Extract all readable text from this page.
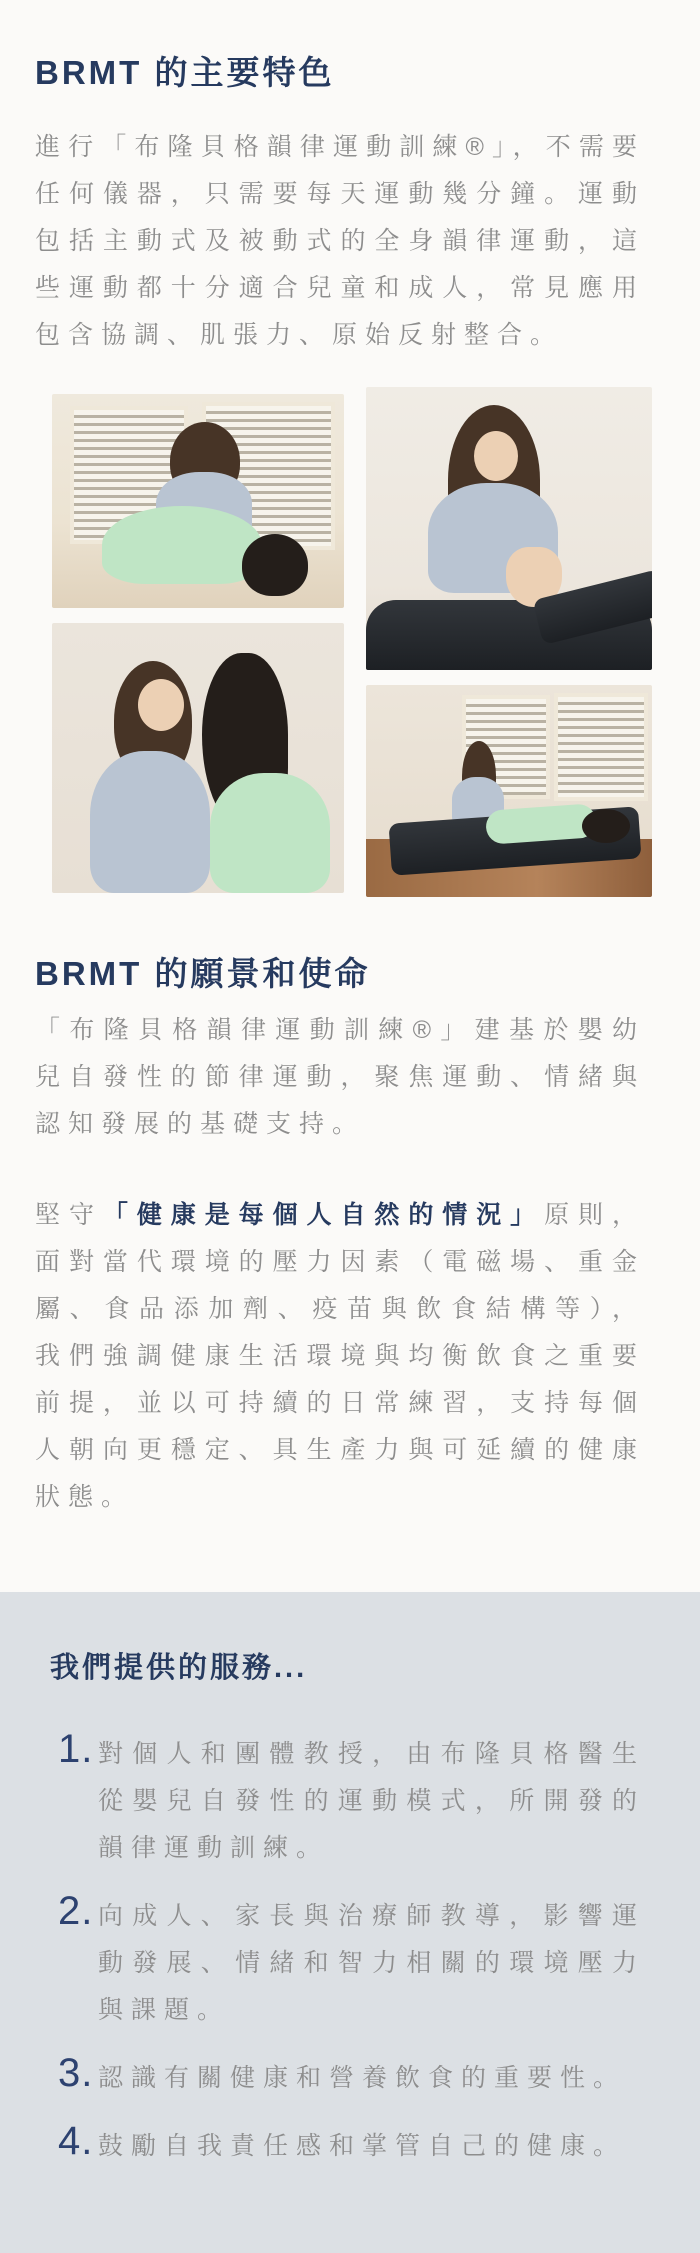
BRMT 的主要特色

進行「布隆貝格韻律運動訓練®」，不需要任何儀器，只需要每天運動幾分鐘。運動包括主動式及被動式的全身韻律運動，這些運動都十分適合兒童和成人，常見應用包含協調、肌張力、原始反射整合。

BRMT 的願景和使命

「布隆貝格韻律運動訓練®」建基於嬰幼兒自發性的節律運動，聚焦運動、情緒與認知發展的基礎支持。

堅守「健康是每個人自然的情況」原則，面對當代環境的壓力因素（電磁場、重金屬、食品添加劑、疫苗與飲食結構等），我們強調健康生活環境與均衡飲食之重要前提，並以可持續的日常練習，支持每個人朝向更穩定、具生產力與可延續的健康狀態。

我們提供的服務...
1. 對個人和團體教授，由布隆貝格醫生從嬰兒自發性的運動模式，所開發的韻律運動訓練。
2. 向成人、家長與治療師教導，影響運動發展、情緒和智力相關的環境壓力與課題。
3. 認識有關健康和營養飲食的重要性。
4. 鼓勵自我責任感和掌管自己的健康。
